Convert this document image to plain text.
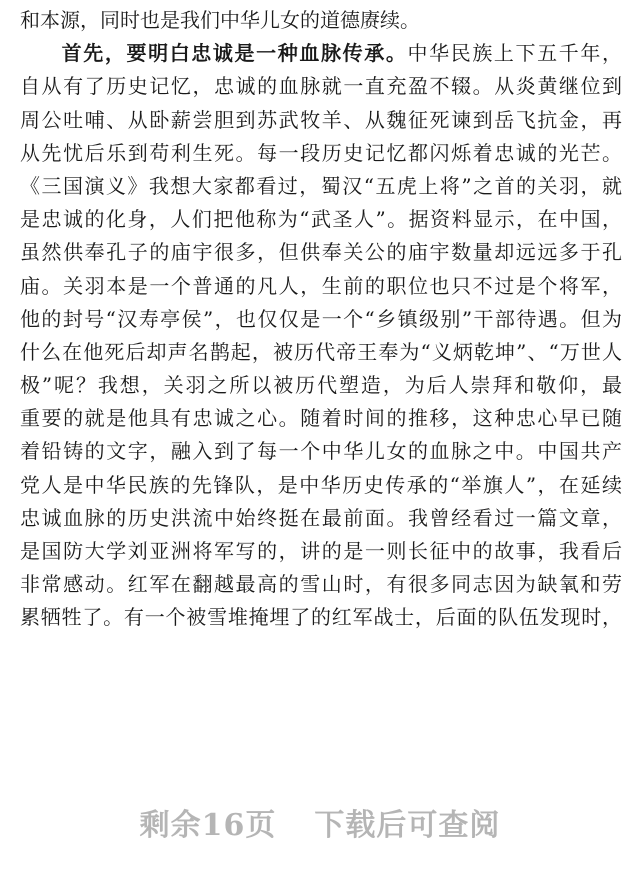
和本源，同时也是我们中华儿女的道德赓续。
首先，要明白忠诚是一种血脉传承。中华民族上下五千年，
自从有了历史记忆，忠诚的血脉就一直充盈不辍。从炎黄继位到
周公吐哺、从卧薪尝胆到苏武牧羊、从魏征死谏到岳飞抗金，再
从先忧后乐到苟利生死。每一段历史记忆都闪烁着忠诚的光芒。
《三国演义》我想大家都看过，蜀汉“五虎上将”之首的关羽，就
是忠诚的化身，人们把他称为“武圣人”。据资料显示，在中国，
虽然供奉孔子的庙宇很多，但供奉关公的庙宇数量却远远多于孔
庙。关羽本是一个普通的凡人，生前的职位也只不过是个将军，
他的封号“汉寿亭侯”，也仅仅是一个“乡镇级别”干部待遇。但为
什么在他死后却声名鹊起，被历代帝王奉为“义炳乾坤”、“万世人
极”呢？我想，关羽之所以被历代塑造，为后人崇拜和敬仰，最
重要的就是他具有忠诚之心。随着时间的推移，这种忠心早已随
着铅铸的文字，融入到了每一个中华儿女的血脉之中。中国共产
党人是中华民族的先锋队，是中华历史传承的“举旗人”，在延续
忠诚血脉的历史洪流中始终挺在最前面。我曾经看过一篇文章，
是国防大学刘亚洲将军写的，讲的是一则长征中的故事，我看后
非常感动。红军在翻越最高的雪山时，有很多同志因为缺氧和劳
累牺牲了。有一个被雪堆掩埋了的红军战士，后面的队伍发现时，
剩余16页 下载后可查阅
